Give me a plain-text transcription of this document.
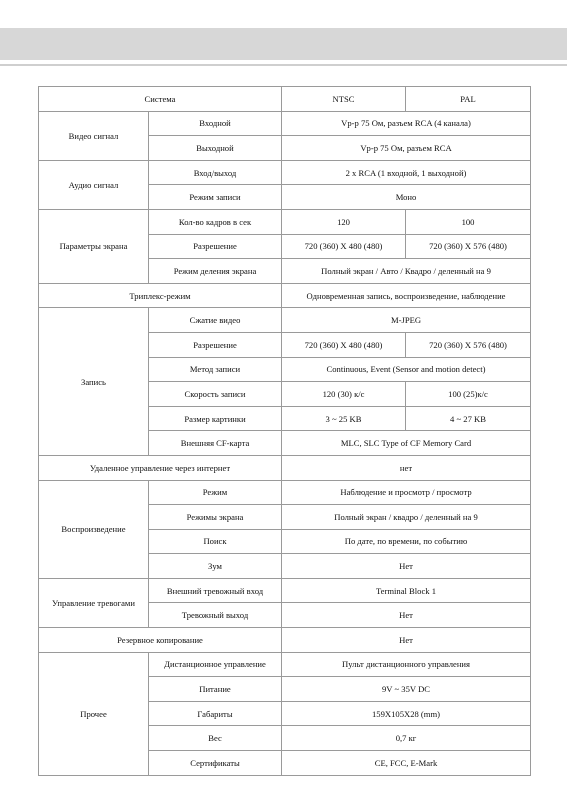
Система		NTSC	PAL
Видео сигнал	Входной	Vp-p 75 Ом, разъем RCA (4 канала)	
	Выходной	Vp-p 75 Ом, разъем RCA	
Аудио сигнал	Вход/выход	2 x RCA (1 входной, 1 выходной)	
	Режим записи	Моно	
Параметры экрана	Кол-во кадров в сек	120	100
	Разрешение	720 (360) X 480 (480)	720 (360) X 576 (480)
	Режим деления экрана	Полный экран / Авто / Квадро / деленный на 9	
Триплекс-режим		Одновременная запись, воспроизведение, наблюдение	
Запись	Сжатие видео	M-JPEG	
	Разрешение	720 (360) X 480 (480)	720 (360) X 576 (480)
	Метод записи	Continuous, Event (Sensor and motion detect)	
	Скорость записи	120 (30) к/с	100 (25)к/с
	Размер картинки	3 ~ 25 KB	4 ~ 27 KB
	Внешняя CF-карта	MLC, SLC Type of CF Memory Card	
Удаленное управление через интернет		нет	
Воспроизведение	Режим	Наблюдение и просмотр / просмотр	
	Режимы экрана	Полный экран / квадро / деленный на 9	
	Поиск	По дате, по времени, по событию	
	Зум	Нет	
Управление тревогами	Внешний тревожный вход	Terminal Block 1	
	Тревожный выход	Нет	
Резервное копирование		Нет	
Прочее	Дистанционное управление	Пульт дистанционного управления	
	Питание	9V ~ 35V DC	
	Габариты	159X105X28 (mm)	
	Вес	0,7 кг	
	Сертификаты	CE, FCC, E-Mark	
